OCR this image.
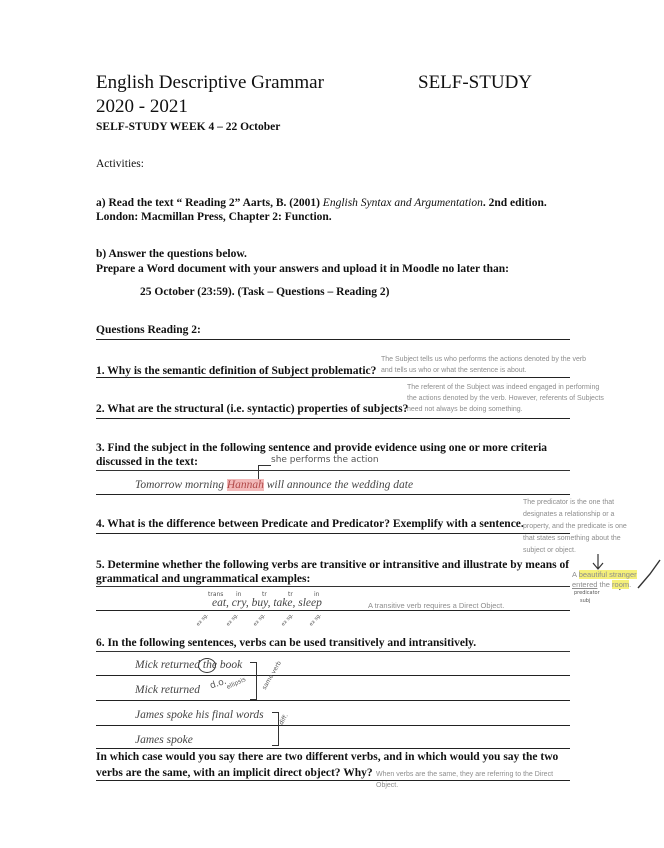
English Descriptive Grammar	SELF-STUDY
2020 - 2021
SELF-STUDY WEEK 4 – 22 October
Activities:
a) Read the text “ Reading 2” Aarts, B. (2001) English Syntax and Argumentation. 2nd edition.
London: Macmillan Press, Chapter 2: Function.
b) Answer the questions below.
Prepare a Word document with your answers and upload it in Moodle no later than:
25 October (23:59). (Task – Questions – Reading 2)
Questions Reading 2:
1. Why is the semantic definition of Subject problematic?
The Subject tells us who performs the actions denoted by the verb
and tells us who or what the sentence is about.
2. What are the structural (i.e. syntactic) properties of subjects?
The referent of the Subject was indeed engaged in performing
the actions denoted by the verb. However, referents of Subjects
need not always be doing something.
3. Find the subject in the following sentence and provide evidence using one or more criteria
discussed in the text:	she performs the action
Tomorrow morning Hannah will announce the wedding date
4. What is the difference between Predicate and Predicator? Exemplify with a sentence.
The predicator is the one that
designates a relationship or a
property, and the predicate is one
that states something about the
subject or object.
A beautiful stranger
entered the room.
predicator
subj
5. Determine whether the following verbs are transitive or intransitive and illustrate by means of
grammatical and ungrammatical examples:
trans in	tr	tr	in
eat, cry, buy, take, sleep	A transitive verb requires a Direct Object.
ex sg.	ex sg.	ex sg.	ex sg.	ex sg.
6. In the following sentences, verbs can be used transitively and intransitively.
Mick returned the book
Mick returned d.o.
ellipsis same verb
James spoke his final words
James spoke
diff.
In which case would you say there are two different verbs, and in which would you say the two
verbs are the same, with an implicit direct object? Why? When verbs are the same, they are referring to the Direct
Object.
